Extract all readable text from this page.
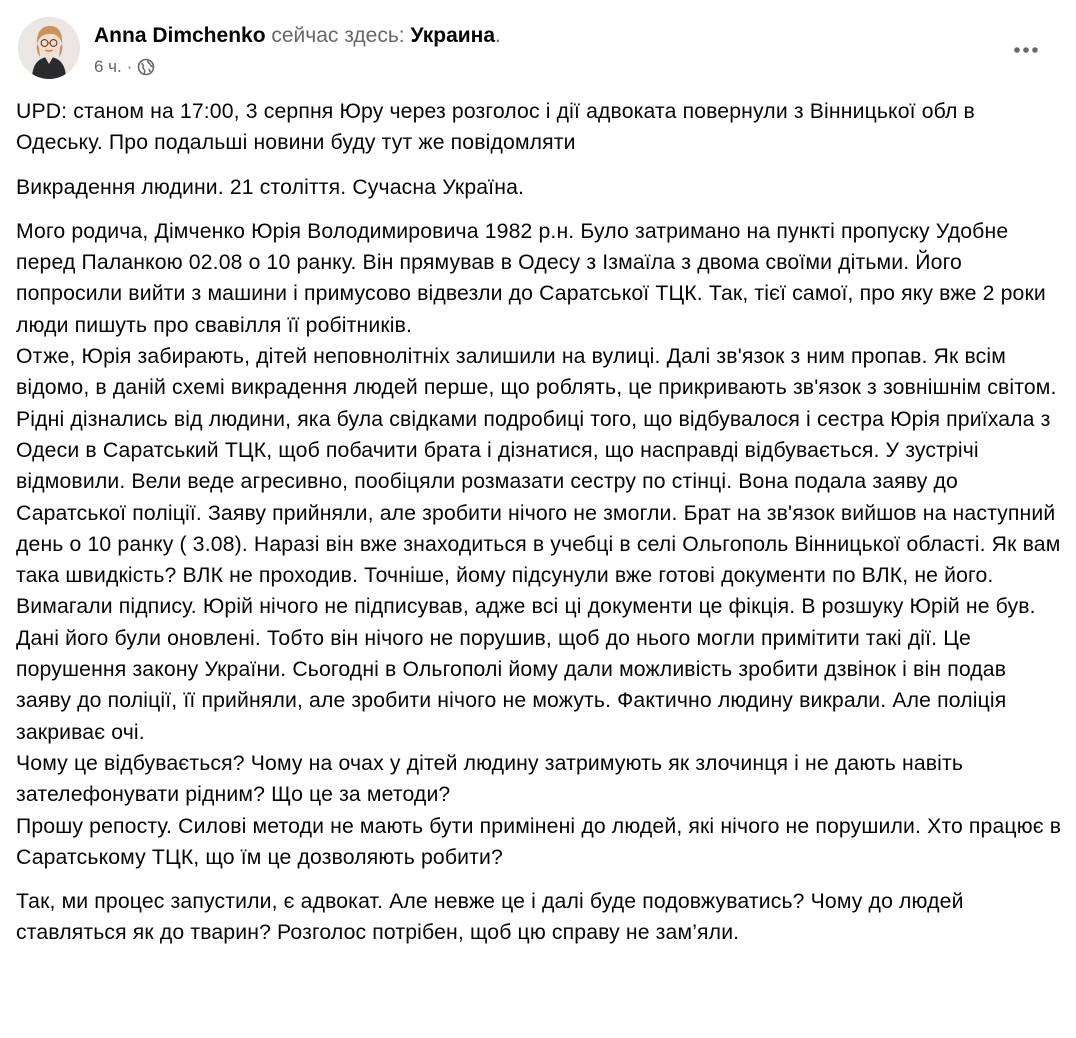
Anna Dimchenko сейчас здесь: Украина.
6 ч. ·

UPD: станом на 17:00, 3 серпня Юру через розголос і дії адвоката повернули з Вінницької обл в Одеську. Про подальші новини буду тут же повідомляти

Викрадення людини. 21 століття. Сучасна Україна.

Мого родича, Дімченко Юрія Володимировича 1982 р.н. Було затримано на пункті пропуску Удобне перед Паланкою 02.08 о 10 ранку. Він прямував в Одесу з Ізмаїла з двома своїми дітьми. Його попросили вийти з машини і примусово відвезли до Саратської ТЦК. Так, тієї самої, про яку вже 2 роки люди пишуть про свавілля її робітників.
Отже, Юрія забирають, дітей неповнолітніх залишили на вулиці. Далі зв'язок з ним пропав. Як всім відомо, в даній схемі викрадення людей перше, що роблять, це прикривають зв'язок з зовнішнім світом.
Рідні дізнались від людини, яка була свідками подробиці того, що відбувалося і сестра Юрія приїхала з Одеси в Саратський ТЦК, щоб побачити брата і дізнатися, що насправді відбувається. У зустрічі відмовили. Вели веде агресивно, пообіцяли розмазати сестру по стінці. Вона подала заяву до Саратської поліції. Заяву прийняли, але зробити нічого не змогли. Брат на зв'язок вийшов на наступний день о 10 ранку ( 3.08). Наразі він вже знаходиться в учебці в селі Ольгополь Вінницької області. Як вам така швидкість? ВЛК не проходив. Точніше, йому підсунули вже готові документи по ВЛК, не його. Вимагали підпису. Юрій нічого не підписував, адже всі ці документи це фікція. В розшуку Юрій не був. Дані його були оновлені. Тобто він нічого не порушив, щоб до нього могли примітити такі дії. Це порушення закону України. Сьогодні в Ольгополі йому дали можливість зробити дзвінок і він подав заяву до поліції, її прийняли, але зробити нічого не можуть. Фактично людину викрали. Але поліція закриває очі.
Чому це відбувається? Чому на очах у дітей людину затримують як злочинця і не дають навіть зателефонувати рідним? Що це за методи?
Прошу репосту. Силові методи не мають бути примінені до людей, які нічого не порушили. Хто працює в Саратському ТЦК, що їм це дозволяють робити?

Так, ми процес запустили, є адвокат. Але невже це і далі буде подовжуватись? Чому до людей ставляться як до тварин? Розголос потрібен, щоб цю справу не зам’яли.
